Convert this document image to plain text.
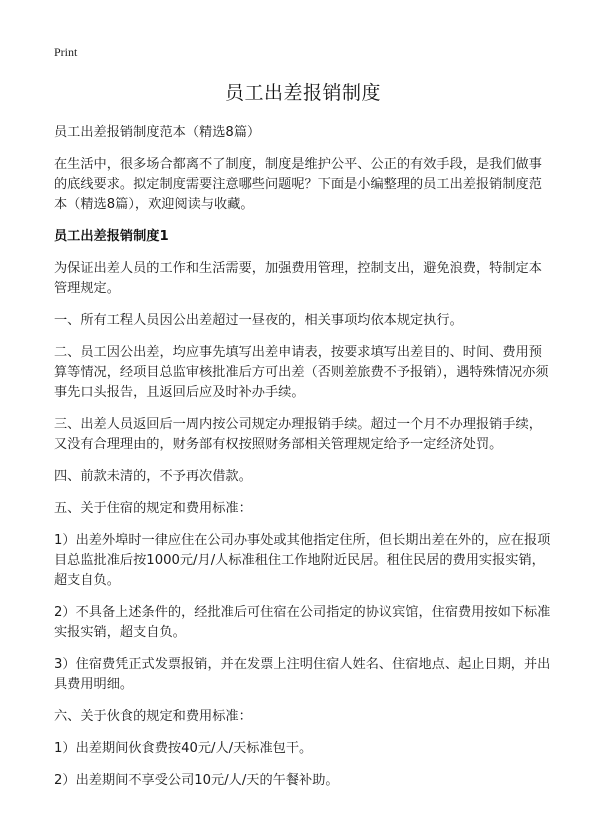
Print
员工出差报销制度

员工出差报销制度范本（精选8篇）

在生活中，很多场合都离不了制度，制度是维护公平、公正的有效手段，是我们做事的底线要求。拟定制度需要注意哪些问题呢？下面是小编整理的员工出差报销制度范本（精选8篇），欢迎阅读与收藏。

员工出差报销制度1

为保证出差人员的工作和生活需要，加强费用管理，控制支出，避免浪费，特制定本管理规定。

一、所有工程人员因公出差超过一昼夜的，相关事项均依本规定执行。

二、员工因公出差，均应事先填写出差申请表，按要求填写出差目的、时间、费用预算等情况，经项目总监审核批准后方可出差（否则差旅费不予报销），遇特殊情况亦须事先口头报告，且返回后应及时补办手续。

三、出差人员返回后一周内按公司规定办理报销手续。超过一个月不办理报销手续，又没有合理理由的，财务部有权按照财务部相关管理规定给予一定经济处罚。

四、前款未清的，不予再次借款。

五、关于住宿的规定和费用标准：

1）出差外埠时一律应住在公司办事处或其他指定住所，但长期出差在外的，应在报项目总监批准后按1000元/月/人标准租住工作地附近民居。租住民居的费用实报实销，超支自负。

2）不具备上述条件的，经批准后可住宿在公司指定的协议宾馆，住宿费用按如下标准实报实销，超支自负。

3）住宿费凭正式发票报销，并在发票上注明住宿人姓名、住宿地点、起止日期，并出具费用明细。

六、关于伙食的规定和费用标准：

1）出差期间伙食费按40元/人/天标准包干。

2）出差期间不享受公司10元/人/天的午餐补助。
